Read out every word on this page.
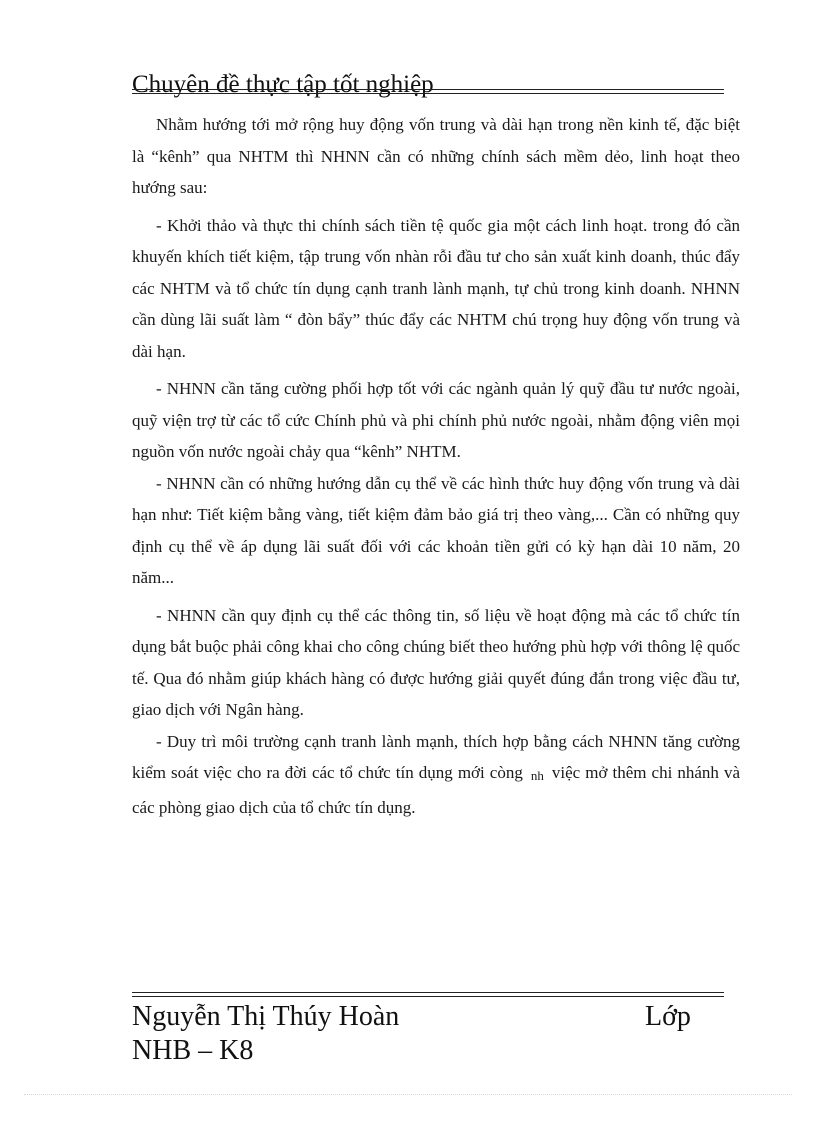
Chuyên đề thực tập tốt nghiệp

Nhằm hướng tới mở rộng huy động vốn trung và dài hạn trong nền kinh tế, đặc biệt là “kênh” qua NHTM thì NHNN cần có những chính sách mềm dẻo, linh hoạt theo hướng sau:

- Khởi thảo và thực thi chính sách tiền tệ quốc gia một cách linh hoạt. trong đó cần khuyến khích tiết kiệm, tập trung vốn nhàn rỗi đầu tư cho sản xuất kinh doanh, thúc đẩy các NHTM và tổ chức tín dụng cạnh tranh lành mạnh, tự chủ trong kinh doanh. NHNN cần dùng lãi suất làm “ đòn bẩy” thúc đẩy các NHTM chú trọng huy động vốn trung và dài hạn.

- NHNN cần tăng cường phối hợp tốt với các ngành quản lý quỹ đầu tư nước ngoài, quỹ viện trợ từ các tổ cức Chính phủ và phi chính phủ nước ngoài, nhằm động viên mọi nguồn vốn nước ngoài chảy qua “kênh” NHTM.

- NHNN cần có những hướng dẫn cụ thể về các hình thức huy động vốn trung và dài hạn như: Tiết kiệm bằng vàng, tiết kiệm đảm bảo giá trị theo vàng,... Cần có những quy định cụ thể về áp dụng lãi suất đối với các khoản tiền gửi có kỳ hạn dài 10 năm, 20 năm...

- NHNN cần quy định cụ thể các thông tin, số liệu về hoạt động mà các tổ chức tín dụng bắt buộc phải công khai cho công chúng biết theo hướng phù hợp với thông lệ quốc tế. Qua đó nhằm giúp khách hàng có được hướng giải quyết đúng đắn trong việc đầu tư, giao dịch với Ngân hàng.

- Duy trì môi trường cạnh tranh lành mạnh, thích hợp bằng cách NHNN tăng cường kiểm soát việc cho ra đời các tổ chức tín dụng mới còng nh việc mở thêm chi nhánh và các phòng giao dịch của tổ chức tín dụng.

Nguyễn Thị Thúy Hoàn	Lớp
NHB – K8
